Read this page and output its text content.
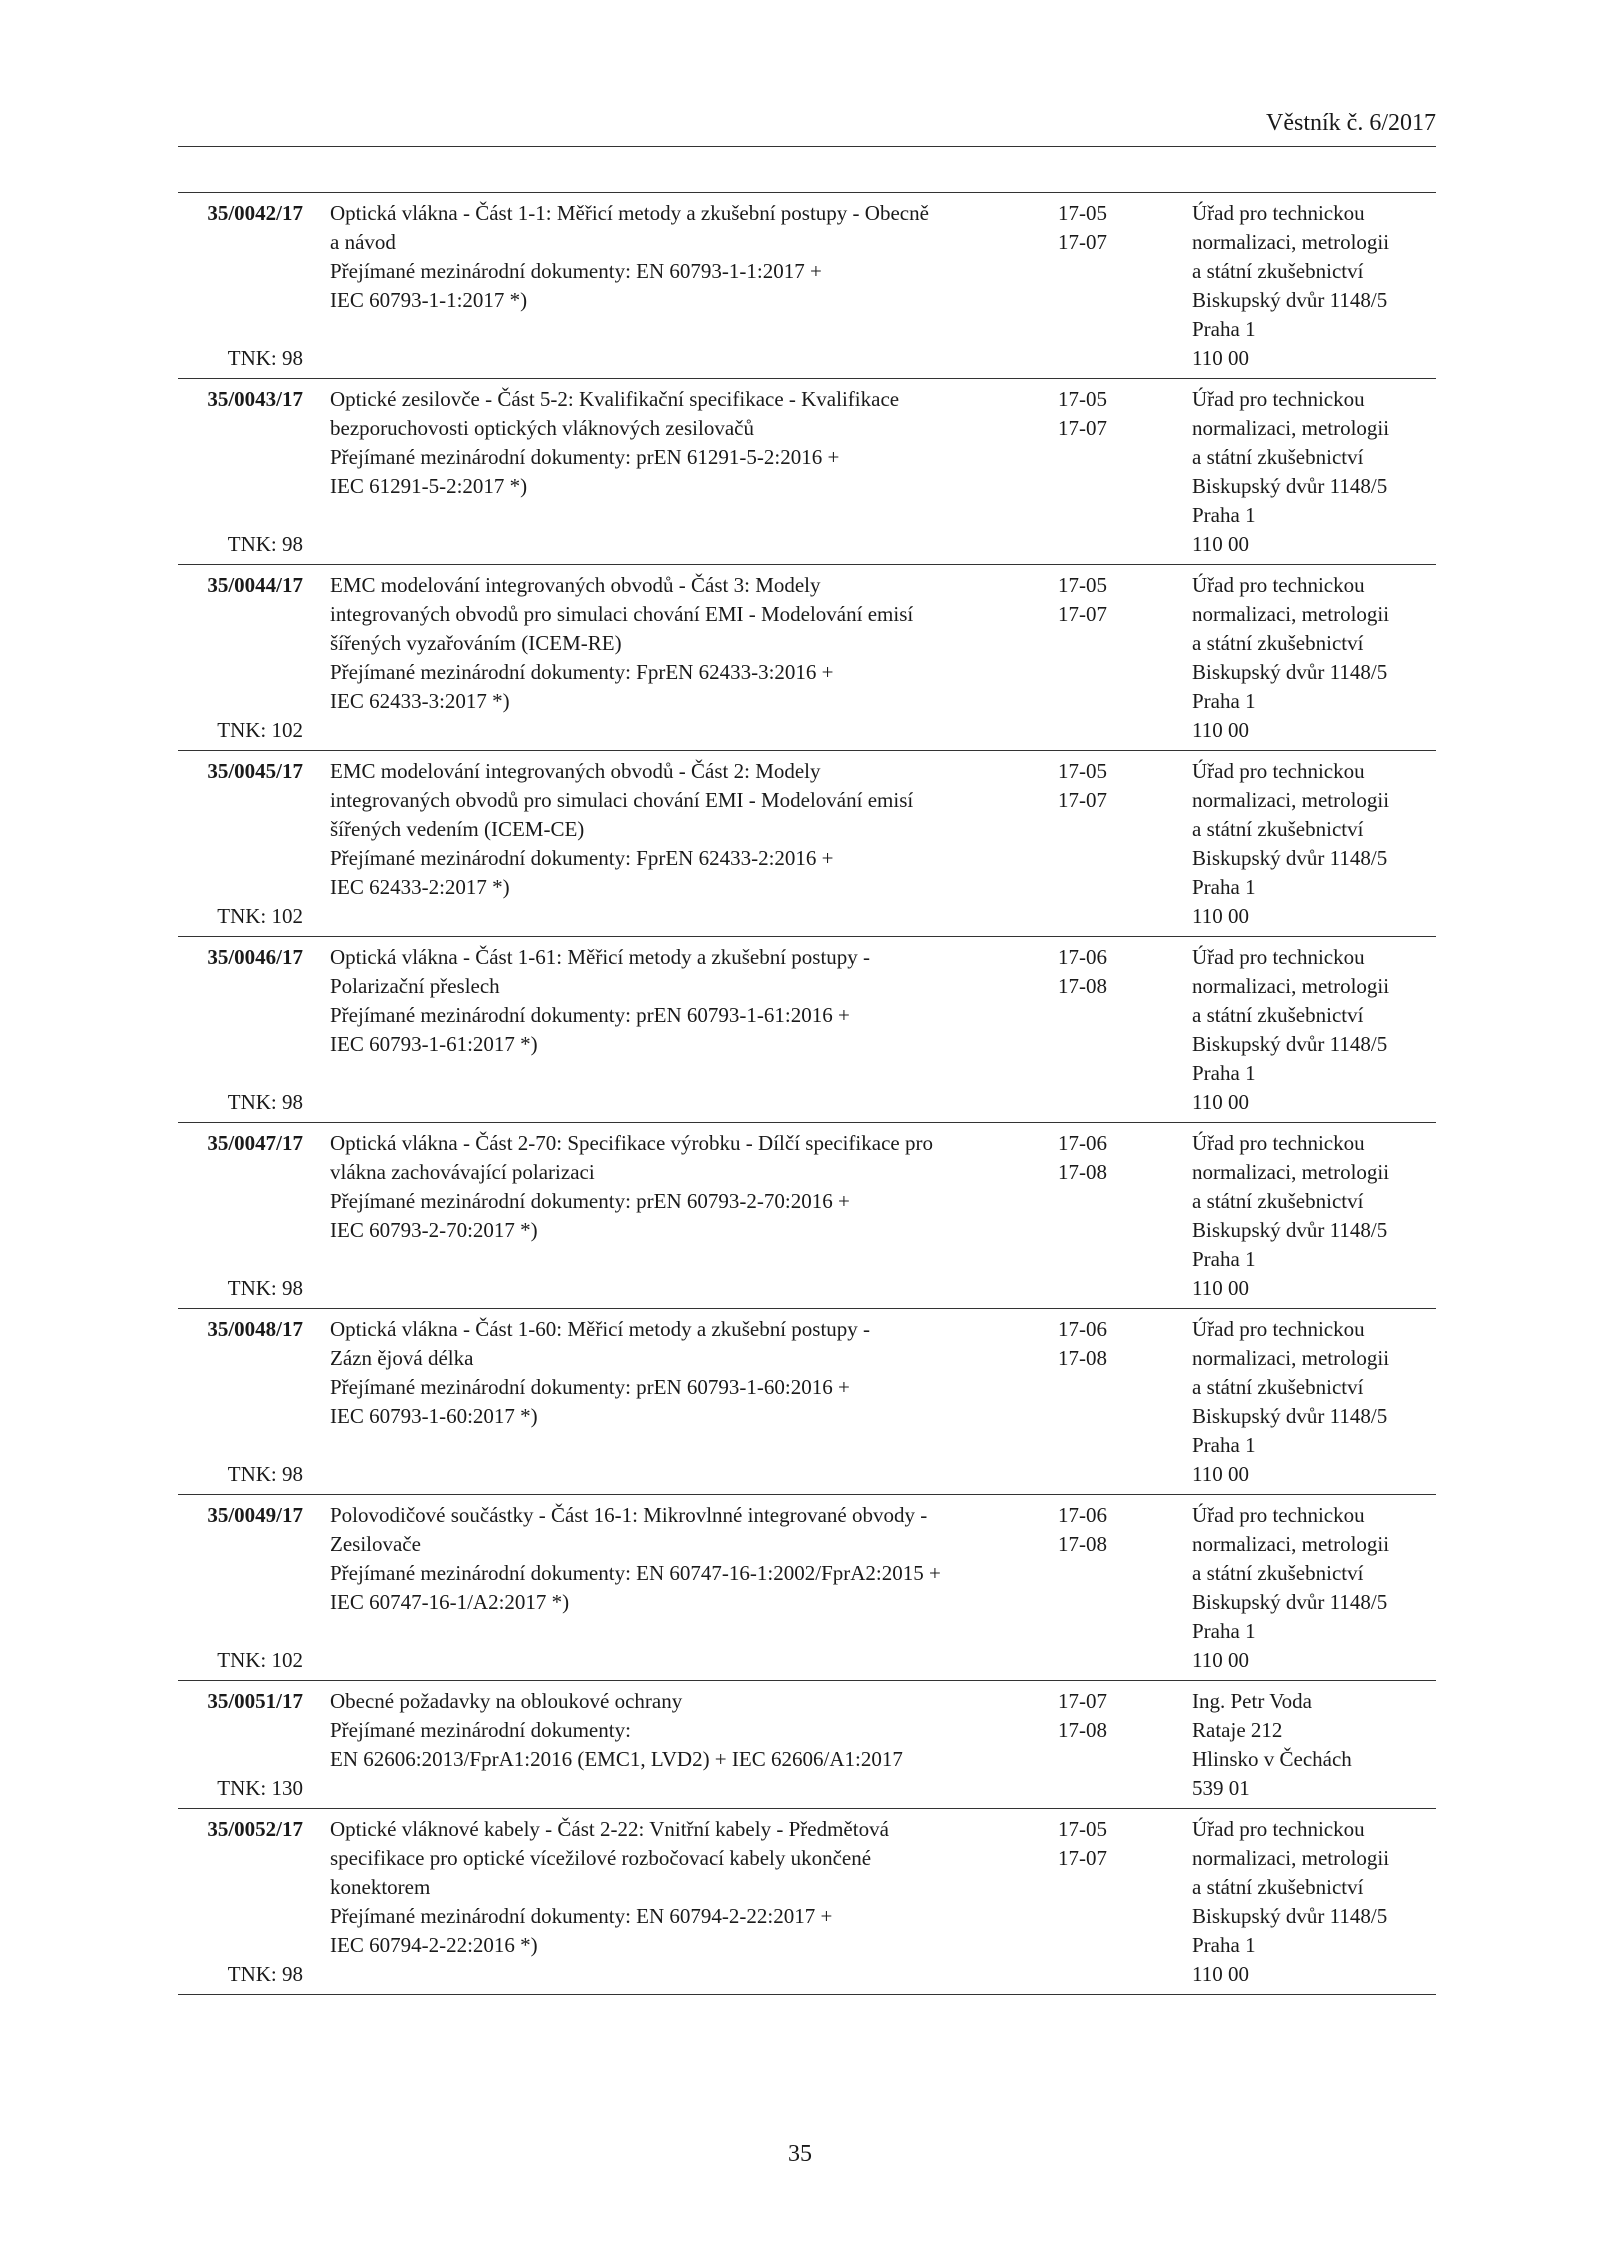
Věstník č. 6/2017
35/0042/17
TNK: 98
Optická vlákna - Část 1-1: Měřicí metody a zkušební postupy - Obecně
a návod
Přejímané mezinárodní dokumenty: EN 60793-1-1:2017 +
IEC 60793-1-1:2017 *)
17-05
17-07
Úřad pro technickou
normalizaci, metrologii
a státní zkušebnictví
Biskupský dvůr 1148/5
Praha 1
110 00
35/0043/17
TNK: 98
Optické zesilovče - Část 5-2: Kvalifikační specifikace - Kvalifikace
bezporuchovosti optických vláknových zesilovačů
Přejímané mezinárodní dokumenty: prEN 61291-5-2:2016 +
IEC 61291-5-2:2017 *)
17-05
17-07
Úřad pro technickou
normalizaci, metrologii
a státní zkušebnictví
Biskupský dvůr 1148/5
Praha 1
110 00
35/0044/17
TNK: 102
EMC modelování integrovaných obvodů - Část 3: Modely
integrovaných obvodů pro simulaci chování EMI - Modelování emisí
šířených vyzařováním (ICEM-RE)
Přejímané mezinárodní dokumenty: FprEN 62433-3:2016 +
IEC 62433-3:2017 *)
17-05
17-07
Úřad pro technickou
normalizaci, metrologii
a státní zkušebnictví
Biskupský dvůr 1148/5
Praha 1
110 00
35/0045/17
TNK: 102
EMC modelování integrovaných obvodů - Část 2: Modely
integrovaných obvodů pro simulaci chování EMI - Modelování emisí
šířených vedením (ICEM-CE)
Přejímané mezinárodní dokumenty: FprEN 62433-2:2016 +
IEC 62433-2:2017 *)
17-05
17-07
Úřad pro technickou
normalizaci, metrologii
a státní zkušebnictví
Biskupský dvůr 1148/5
Praha 1
110 00
35/0046/17
TNK: 98
Optická vlákna - Část 1-61: Měřicí metody a zkušební postupy -
Polarizační přeslech
Přejímané mezinárodní dokumenty: prEN 60793-1-61:2016 +
IEC 60793-1-61:2017 *)
17-06
17-08
Úřad pro technickou
normalizaci, metrologii
a státní zkušebnictví
Biskupský dvůr 1148/5
Praha 1
110 00
35/0047/17
TNK: 98
Optická vlákna - Část 2-70: Specifikace výrobku - Dílčí specifikace pro
vlákna zachovávající polarizaci
Přejímané mezinárodní dokumenty: prEN 60793-2-70:2016 +
IEC 60793-2-70:2017 *)
17-06
17-08
Úřad pro technickou
normalizaci, metrologii
a státní zkušebnictví
Biskupský dvůr 1148/5
Praha 1
110 00
35/0048/17
TNK: 98
Optická vlákna - Část 1-60: Měřicí metody a zkušební postupy -
Zázn ějová délka
Přejímané mezinárodní dokumenty: prEN 60793-1-60:2016 +
IEC 60793-1-60:2017 *)
17-06
17-08
Úřad pro technickou
normalizaci, metrologii
a státní zkušebnictví
Biskupský dvůr 1148/5
Praha 1
110 00
35/0049/17
TNK: 102
Polovodičové součástky - Část 16-1: Mikrovlnné integrované obvody -
Zesilovače
Přejímané mezinárodní dokumenty: EN 60747-16-1:2002/FprA2:2015 +
IEC 60747-16-1/A2:2017 *)
17-06
17-08
Úřad pro technickou
normalizaci, metrologii
a státní zkušebnictví
Biskupský dvůr 1148/5
Praha 1
110 00
35/0051/17
TNK: 130
Obecné požadavky na obloukové ochrany
Přejímané mezinárodní dokumenty:
EN 62606:2013/FprA1:2016 (EMC1, LVD2) + IEC 62606/A1:2017
17-07
17-08
Ing. Petr Voda
Rataje 212
Hlinsko v Čechách
539 01
35/0052/17
TNK: 98
Optické vláknové kabely - Část 2-22: Vnitřní kabely - Předmětová
specifikace pro optické vícežilové rozbočovací kabely ukončené
konektorem
Přejímané mezinárodní dokumenty: EN 60794-2-22:2017 +
IEC 60794-2-22:2016 *)
17-05
17-07
Úřad pro technickou
normalizaci, metrologii
a státní zkušebnictví
Biskupský dvůr 1148/5
Praha 1
110 00
35
